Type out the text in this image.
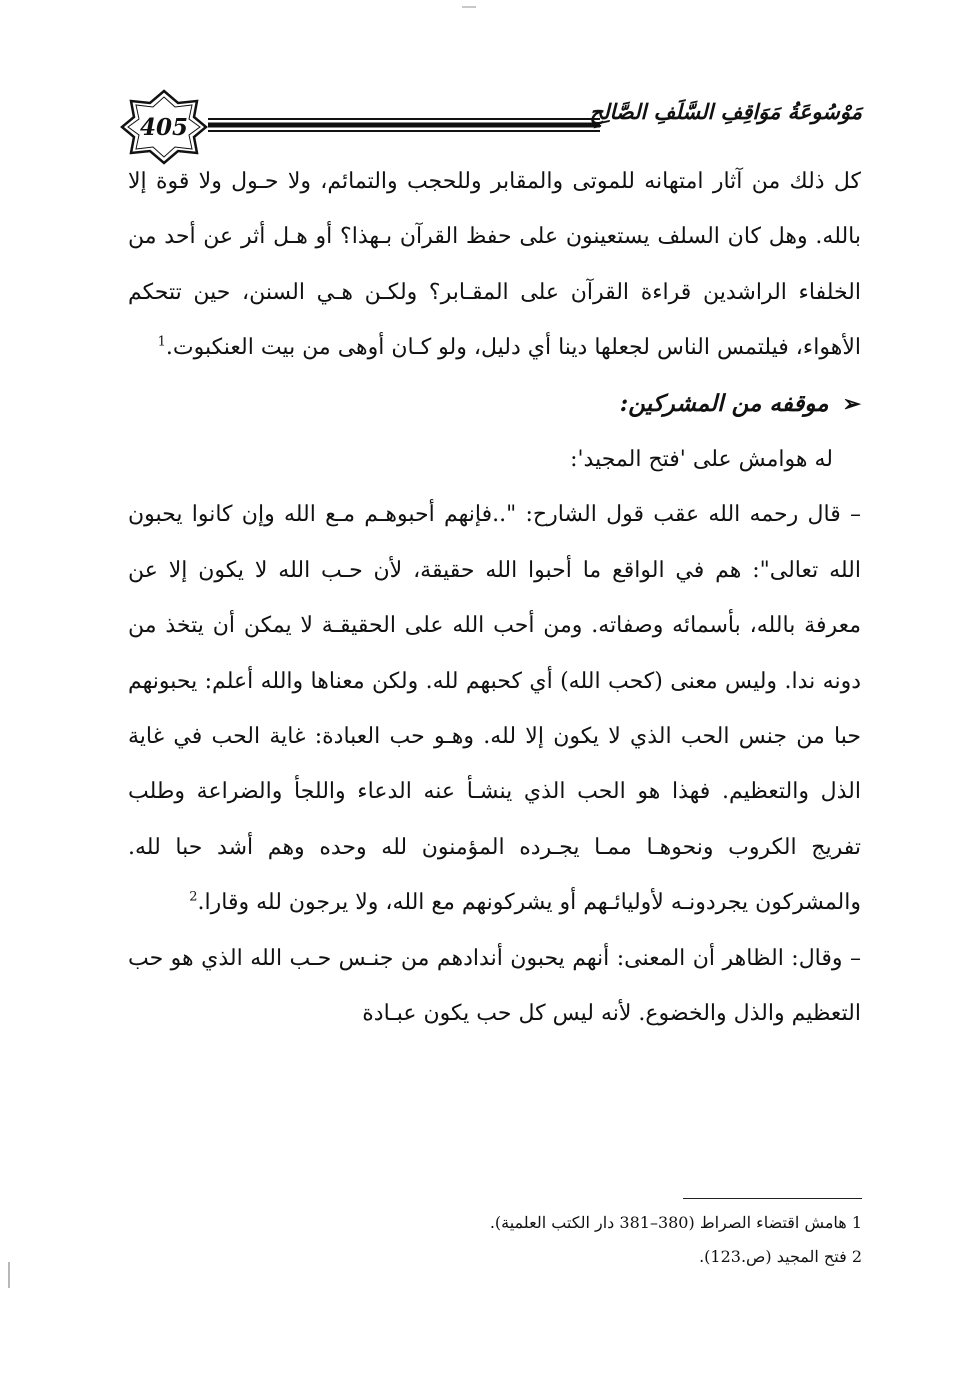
405
مَوْسُوعَةُ مَوَاقِفِ السَّلَفِ الصَّالِحِ

كل ذلك من آثار امتهانه للموتى والمقابر وللحجب والتمائم، ولا حـول ولا قوة إلا بالله. وهل كان السلف يستعينون على حفظ القرآن بـهذا؟ أو هـل أثر عن أحد من الخلفاء الراشدين قراءة القرآن على المقـابر؟ ولكـن هـي السنن، حين تتحكم الأهواء، فيلتمس الناس لجعلها دينا أي دليل، ولو كـان أوهى من بيت العنكبوت.$^1$

➢موقفه من المشركين:

له هوامش على 'فتح المجيد':

– قال رحمه الله عقب قول الشارح: "..فإنهم أحبوهـم مـع الله وإن كانوا يحبون الله تعالى": هم في الواقع ما أحبوا الله حقيقة، لأن حـب الله لا يكون إلا عن معرفة بالله، بأسمائه وصفاته. ومن أحب الله على الحقيقـة لا يمكن أن يتخذ من دونه ندا. وليس معنى (كحب الله) أي كحبهم لله. ولكن معناها والله أعلم: يحبونهم حبا من جنس الحب الذي لا يكون إلا لله. وهـو حب العبادة: غاية الحب في غاية الذل والتعظيم. فهذا هو الحب الذي ينشـأ عنه الدعاء واللجأ والضراعة وطلب تفريج الكروب ونحوهـا ممـا يجـرده المؤمنون لله وحده وهم أشد حبا لله. والمشركون يجردونـه لأوليائـهم أو يشركونهم مع الله، ولا يرجون لله وقارا.$^2$

– وقال: الظاهر أن المعنى: أنهم يحبون أندادهم من جنـس حـب الله الذي هو حب التعظيم والذل والخضوع. لأنه ليس كل حب يكون عبـادة

1 هامش اقتضاء الصراط (380–381 دار الكتب العلمية).

2 فتح المجيد (ص.123).
